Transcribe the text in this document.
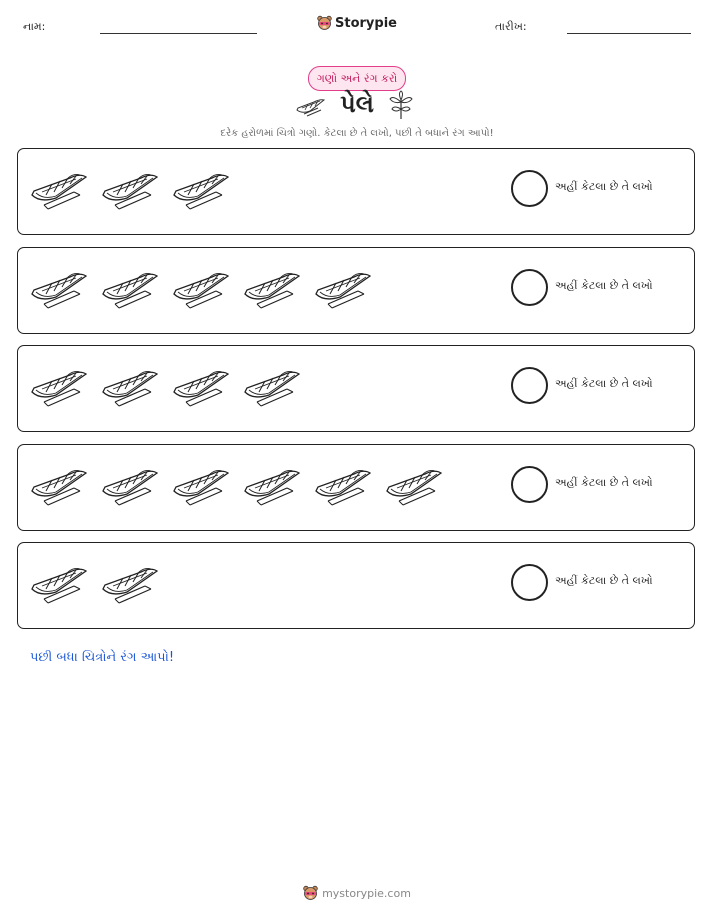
નામ:	Storypie	તારીખ:
ગણો અને રંગ કરો
પેલે
દરેક હરોળમાં ચિત્રો ગણો. કેટલા છે તે લખો, પછી તે બધાને રંગ આપો!
અહીં કેટલા છે તે લખો
અહીં કેટલા છે તે લખો
અહીં કેટલા છે તે લખો
અહીં કેટલા છે તે લખો
અહીં કેટલા છે તે લખો
પછી બધા ચિત્રોને રંગ આપો!
mystorypie.com
